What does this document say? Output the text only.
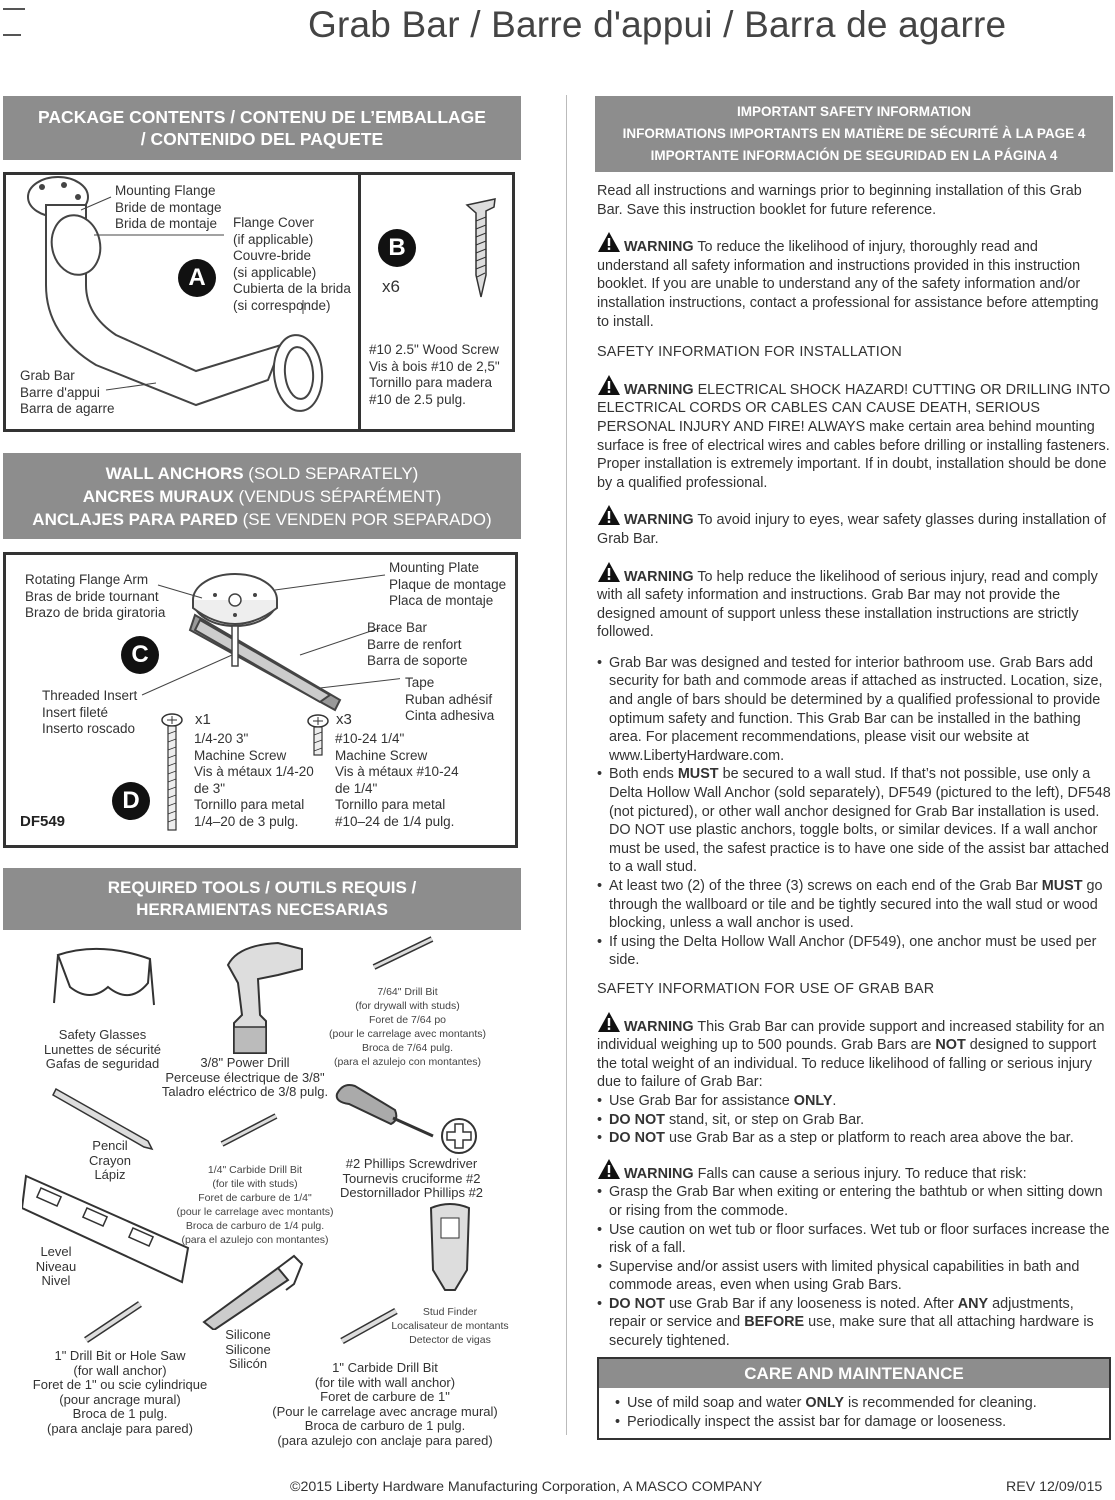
Grab Bar / Barre d'appui / Barra de agarre
PACKAGE CONTENTS / CONTENU DE L’EMBALLAGE
/ CONTENIDO DEL PAQUETE
A
Mounting Flange
Bride de montage
Brida de montaje	Flange Cover
(if applicable)
Couvre-bride
(si applicable)
Cubierta de la brida
(si corresponde)
Grab Bar
Barre d'appui
Barra de agarre
B
x6
#10 2.5" Wood Screw
Vis à bois #10 de 2,5"
Tornillo para madera
#10 de 2.5 pulg.
WALL ANCHORS (SOLD SEPARATELY)
ANCRES MURAUX (VENDUS SÉPARÉMENT)
ANCLAJES PARA PARED (SE VENDEN POR SEPARADO)
C
Rotating Flange Arm
Bras de bride tournant
Brazo de brida giratoria
Mounting Plate
Plaque de montage
Placa de montaje
Brace Bar
Barre de renfort
Barra de soporte
Tape
Ruban adhésif
Cinta adhesiva
Threaded Insert
Insert fileté
Inserto roscado
D
DF549
x1
1/4-20 3"
Machine Screw
Vis à métaux 1/4-20
de 3"
Tornillo para metal
1/4–20 de 3 pulg.
x3
#10-24 1/4"
Machine Screw
Vis à métaux #10-24
de 1/4"
Tornillo para metal
#10–24 de 1/4 pulg.
REQUIRED TOOLS / OUTILS REQUIS /
HERRAMIENTAS NECESARIAS
Safety Glasses
Lunettes de sécurité
Gafas de seguridad	3/8" Power Drill
Perceuse électrique de 3/8"
Taladro eléctrico de 3/8 pulg.
7/64" Drill Bit
(for drywall with studs)
Foret de 7/64 po
(pour le carrelage avec montants)
Broca de 7/64 pulg.
(para el azulejo con montantes)
Pencil
Crayon
Lápiz	1/4" Carbide Drill Bit
(for tile with studs)
Foret de carbure de 1/4"
(pour le carrelage avec montants)
Broca de carburo de 1/4 pulg.
(para el azulejo con montantes)
#2 Phillips Screwdriver
Tournevis cruciforme #2
Destornillador Phillips #2
Level
Niveau
Nivel
Stud Finder
Localisateur de montants
Detector de vigas
Silicone
Silicone
Silicón
1" Drill Bit or Hole Saw
(for wall anchor)
Foret de 1" ou scie cylindrique
(pour ancrage mural)
Broca de 1 pulg.
(para anclaje para pared)
1" Carbide Drill Bit
(for tile with wall anchor)
Foret de carbure de 1"
(Pour le carrelage avec ancrage mural)
Broca de carburo de 1 pulg.
(para azulejo con anclaje para pared)
IMPORTANT SAFETY INFORMATION
INFORMATIONS IMPORTANTS EN MATIÈRE DE SÉCURITÉ À LA PAGE 4
IMPORTANTE INFORMACIÓN DE SEGURIDAD EN LA PÁGINA 4

Read all instructions and warnings prior to beginning installation of this Grab Bar. Save this instruction booklet for future reference.

WARNING To reduce the likelihood of injury, thoroughly read and understand all safety information and instructions provided in this instruction booklet. If you are unable to understand any of the safety information and/or installation instructions, contact a professional for assistance before attempting to install.

SAFETY INFORMATION FOR INSTALLATION

WARNING ELECTRICAL SHOCK HAZARD! CUTTING OR DRILLING INTO ELECTRICAL CORDS OR CABLES CAN CAUSE DEATH, SERIOUS PERSONAL INJURY AND FIRE! ALWAYS make certain area behind mounting surface is free of electrical wires and cables before drilling or installing fasteners. Proper installation is extremely important. If in doubt, installation should be done by a qualified professional.

WARNING To avoid injury to eyes, wear safety glasses during installation of Grab Bar.

WARNING To help reduce the likelihood of serious injury, read and comply with all safety information and instructions. Grab Bar may not provide the designed amount of support unless these installation instructions are strictly followed.

• Grab Bar was designed and tested for interior bathroom use. Grab Bars add security for bath and commode areas if attached as instructed. Location, size, and angle of bars should be determined by a qualified professional to provide optimum safety and function. This Grab Bar can be installed in the bathing area. For placement recommendations, please visit our website at www.LibertyHardware.com.
• Both ends MUST be secured to a wall stud. If that’s not possible, use only a Delta Hollow Wall Anchor (sold separately), DF549 (pictured to the left), DF548 (not pictured), or other wall anchor designed for Grab Bar installation is used. DO NOT use plastic anchors, toggle bolts, or similar devices. If a wall anchor must be used, the safest practice is to have one side of the assist bar attached to a wall stud.
• At least two (2) of the three (3) screws on each end of the Grab Bar MUST go through the wallboard or tile and be tightly secured into the wall stud or wood blocking, unless a wall anchor is used.
• If using the Delta Hollow Wall Anchor (DF549), one anchor must be used per side.
SAFETY INFORMATION FOR USE OF GRAB BAR

WARNING This Grab Bar can provide support and increased stability for an individual weighing up to 500 pounds. Grab Bars are NOT designed to support the total weight of an individual. To reduce likelihood of falling or serious injury due to failure of Grab Bar:

• Use Grab Bar for assistance ONLY.
• DO NOT stand, sit, or step on Grab Bar.
• DO NOT use Grab Bar as a step or platform to reach area above the bar.

WARNING Falls can cause a serious injury. To reduce that risk:

• Grasp the Grab Bar when exiting or entering the bathtub or when sitting down or rising from the commode.
• Use caution on wet tub or floor surfaces. Wet tub or floor surfaces increase the risk of a fall.
• Supervise and/or assist users with limited physical capabilities in bath and commode areas, even when using Grab Bars.
• DO NOT use Grab Bar if any looseness is noted. After ANY adjustments, repair or service and BEFORE use, make sure that all attaching hardware is securely tightened.
CARE AND MAINTENANCE
• Use of mild soap and water ONLY is recommended for cleaning.
• Periodically inspect the assist bar for damage or looseness.
©2015 Liberty Hardware Manufacturing Corporation, A MASCO COMPANY	REV 12/09/015
